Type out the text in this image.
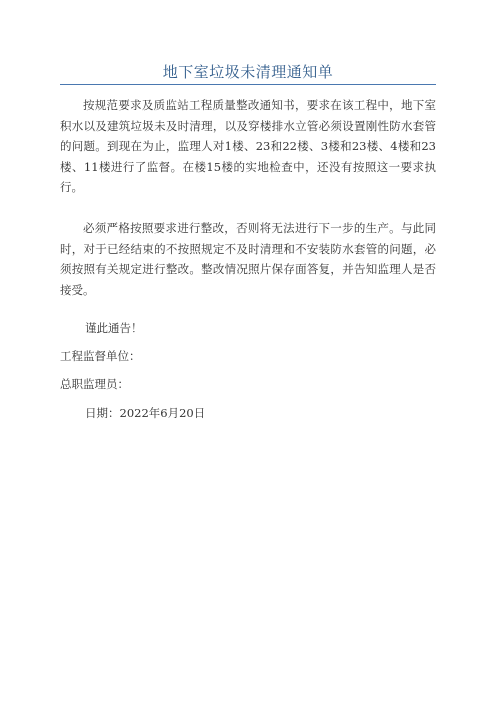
地下室垃圾未清理通知单

按规范要求及质监站工程质量整改通知书，要求在该工程中，地下室积水以及建筑垃圾未及时清理，以及穿楼排水立管必须设置刚性防水套管的问题。到现在为止，监理人对1楼、23和22楼、3楼和23楼、4楼和23楼、11楼进行了监督。在楼15楼的实地检查中，还没有按照这一要求执行。

必须严格按照要求进行整改，否则将无法进行下一步的生产。与此同时，对于已经结束的不按照规定不及时清理和不安装防水套管的问题，必须按照有关规定进行整改。整改情况照片保存面答复，并告知监理人是否接受。

谨此通告！
工程监督单位：
总职监理员：
日期：2022年6月20日
